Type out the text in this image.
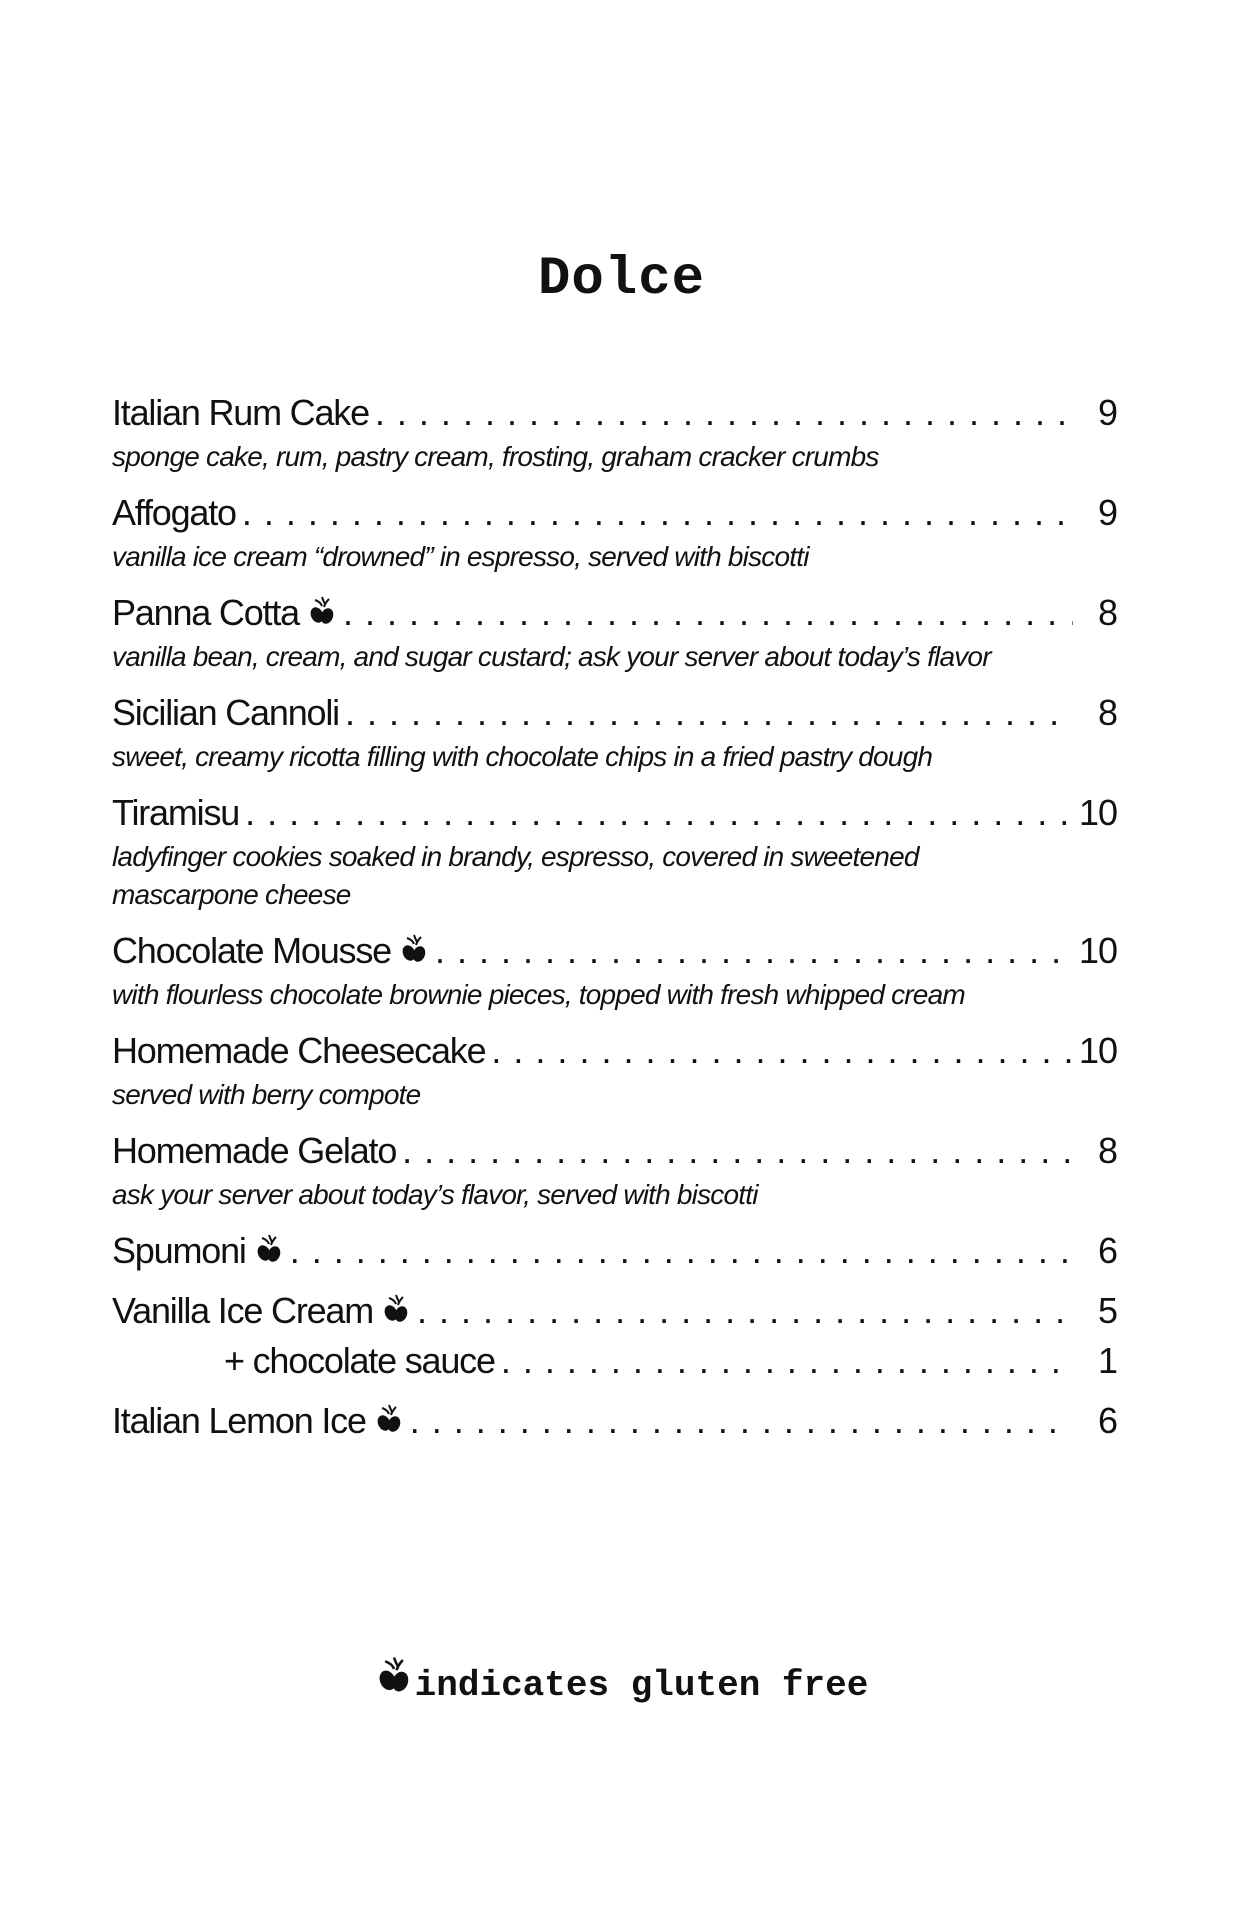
Dolce
Italian Rum Cake . . .	9
sponge cake, rum, pastry cream, frosting, graham cracker crumbs
Affogato . . .	9
vanilla ice cream “drowned” in espresso, served with biscotti
Panna Cotta . . .	8
vanilla bean, cream, and sugar custard; ask your server about today’s flavor
Sicilian Cannoli . . .	8
sweet, creamy ricotta filling with chocolate chips in a fried pastry dough
Tiramisu . . .	10
ladyfinger cookies soaked in brandy, espresso, covered in sweetened mascarpone cheese
Chocolate Mousse . . .	10
with flourless chocolate brownie pieces, topped with fresh whipped cream
Homemade Cheesecake . . .	10
served with berry compote
Homemade Gelato . . .	8
ask your server about today’s flavor, served with biscotti
Spumoni . . .	6
Vanilla Ice Cream . . .	5
+ chocolate sauce . . .	1
Italian Lemon Ice . . .	6
indicates gluten free
